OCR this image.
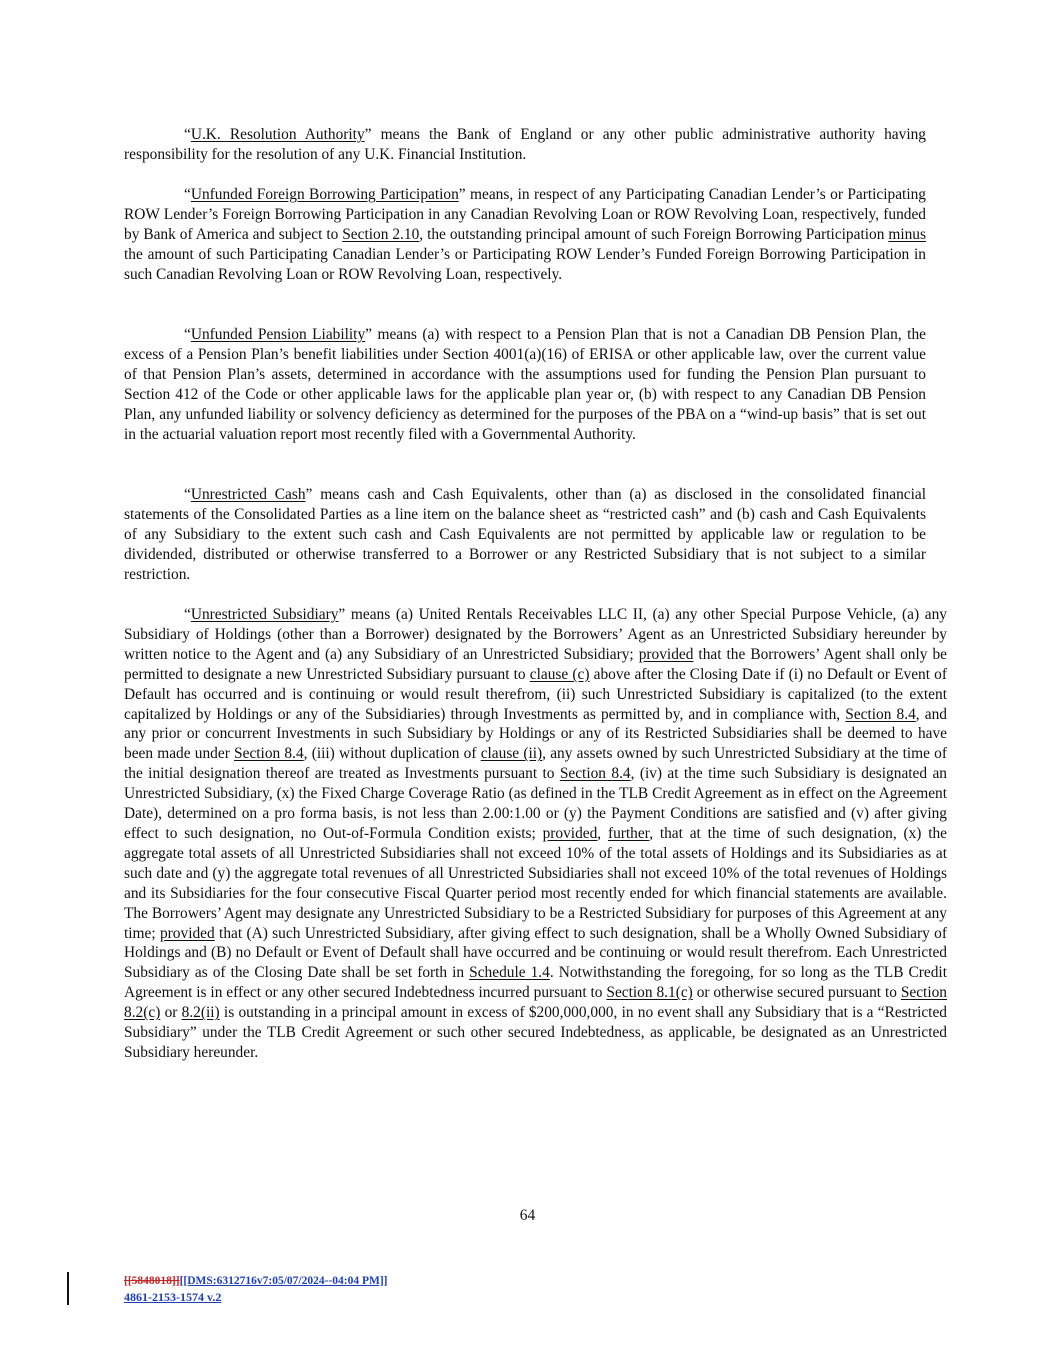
“U.K. Resolution Authority” means the Bank of England or any other public administrative authority having responsibility for the resolution of any U.K. Financial Institution.

“Unfunded Foreign Borrowing Participation” means, in respect of any Participating Canadian Lender’s or Participating ROW Lender’s Foreign Borrowing Participation in any Canadian Revolving Loan or ROW Revolving Loan, respectively, funded by Bank of America and subject to Section 2.10, the outstanding principal amount of such Foreign Borrowing Participation minus the amount of such Participating Canadian Lender’s or Participating ROW Lender’s Funded Foreign Borrowing Participation in such Canadian Revolving Loan or ROW Revolving Loan, respectively.

“Unfunded Pension Liability” means (a) with respect to a Pension Plan that is not a Canadian DB Pension Plan, the excess of a Pension Plan’s benefit liabilities under Section 4001(a)(16) of ERISA or other applicable law, over the current value of that Pension Plan’s assets, determined in accordance with the assumptions used for funding the Pension Plan pursuant to Section 412 of the Code or other applicable laws for the applicable plan year or, (b) with respect to any Canadian DB Pension Plan, any unfunded liability or solvency deficiency as determined for the purposes of the PBA on a “wind-up basis” that is set out in the actuarial valuation report most recently filed with a Governmental Authority.

“Unrestricted Cash” means cash and Cash Equivalents, other than (a) as disclosed in the consolidated financial statements of the Consolidated Parties as a line item on the balance sheet as “restricted cash” and (b) cash and Cash Equivalents of any Subsidiary to the extent such cash and Cash Equivalents are not permitted by applicable law or regulation to be dividended, distributed or otherwise transferred to a Borrower or any Restricted Subsidiary that is not subject to a similar restriction.

“Unrestricted Subsidiary” means (a) United Rentals Receivables LLC II, (a) any other Special Purpose Vehicle, (a) any Subsidiary of Holdings (other than a Borrower) designated by the Borrowers’ Agent as an Unrestricted Subsidiary hereunder by written notice to the Agent and (a) any Subsidiary of an Unrestricted Subsidiary; provided that the Borrowers’ Agent shall only be permitted to designate a new Unrestricted Subsidiary pursuant to clause (c) above after the Closing Date if (i) no Default or Event of Default has occurred and is continuing or would result therefrom, (ii) such Unrestricted Subsidiary is capitalized (to the extent capitalized by Holdings or any of the Subsidiaries) through Investments as permitted by, and in compliance with, Section 8.4, and any prior or concurrent Investments in such Subsidiary by Holdings or any of its Restricted Subsidiaries shall be deemed to have been made under Section 8.4, (iii) without duplication of clause (ii), any assets owned by such Unrestricted Subsidiary at the time of the initial designation thereof are treated as Investments pursuant to Section 8.4, (iv) at the time such Subsidiary is designated an Unrestricted Subsidiary, (x) the Fixed Charge Coverage Ratio (as defined in the TLB Credit Agreement as in effect on the Agreement Date), determined on a pro forma basis, is not less than 2.00:1.00 or (y) the Payment Conditions are satisfied and (v) after giving effect to such designation, no Out-of-Formula Condition exists; provided, further, that at the time of such designation, (x) the aggregate total assets of all Unrestricted Subsidiaries shall not exceed 10% of the total assets of Holdings and its Subsidiaries as at such date and (y) the aggregate total revenues of all Unrestricted Subsidiaries shall not exceed 10% of the total revenues of Holdings and its Subsidiaries for the four consecutive Fiscal Quarter period most recently ended for which financial statements are available. The Borrowers’ Agent may designate any Unrestricted Subsidiary to be a Restricted Subsidiary for purposes of this Agreement at any time; provided that (A) such Unrestricted Subsidiary, after giving effect to such designation, shall be a Wholly Owned Subsidiary of Holdings and (B) no Default or Event of Default shall have occurred and be continuing or would result therefrom. Each Unrestricted Subsidiary as of the Closing Date shall be set forth in Schedule 1.4. Notwithstanding the foregoing, for so long as the TLB Credit Agreement is in effect or any other secured Indebtedness incurred pursuant to Section 8.1(c) or otherwise secured pursuant to Section 8.2(c) or 8.2(ii) is outstanding in a principal amount in excess of $200,000,000, in no event shall any Subsidiary that is a “Restricted Subsidiary” under the TLB Credit Agreement or such other secured Indebtedness, as applicable, be designated as an Unrestricted Subsidiary hereunder.

64
[[5848018]][[DMS:6312716v7:05/07/2024--04:04 PM]]
4861-2153-1574 v.2
